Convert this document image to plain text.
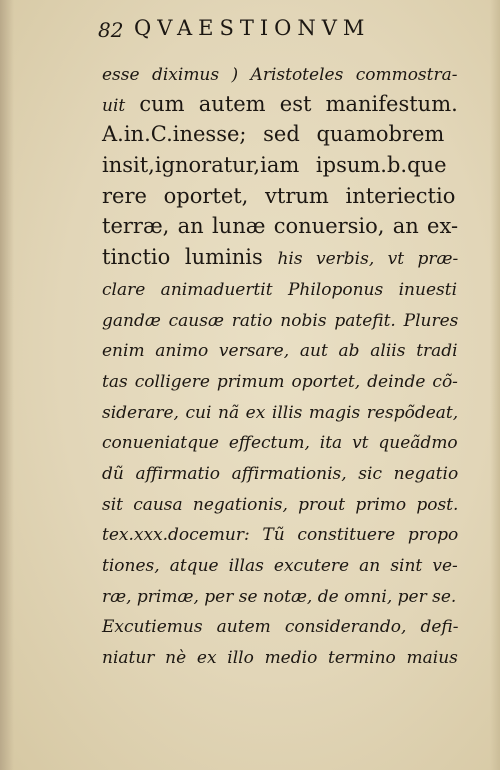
82 QVAESTIONVM
esse diximus ) Aristoteles commostra-
uit cum autem est manifestum.
A.in.C.inesse; sed quamobrem
insit,ignoratur,iam ipsum.b.que
rere oportet, vtrum interiectio
terræ, an lunæ conuersio, an ex-
tinctio luminis his verbis, vt præ-
clare animaduertit Philoponus inuesti
gandæ causæ ratio nobis patefit. Plures
enim animo versare, aut ab aliis tradi
tas colligere primum oportet, deinde cõ-
siderare, cui nã ex illis magis respõdeat,
conueniatque effectum, ita vt queãdmo
dũ affirmatio affirmationis, sic negatio
sit causa negationis, prout primo post.
tex.xxx.docemur: Tũ constituere propo
tiones, atque illas excutere an sint ve-
ræ, primæ, per se notæ, de omni, per se.
Excutiemus autem considerando, defi-
niatur nè ex illo medio termino maius
